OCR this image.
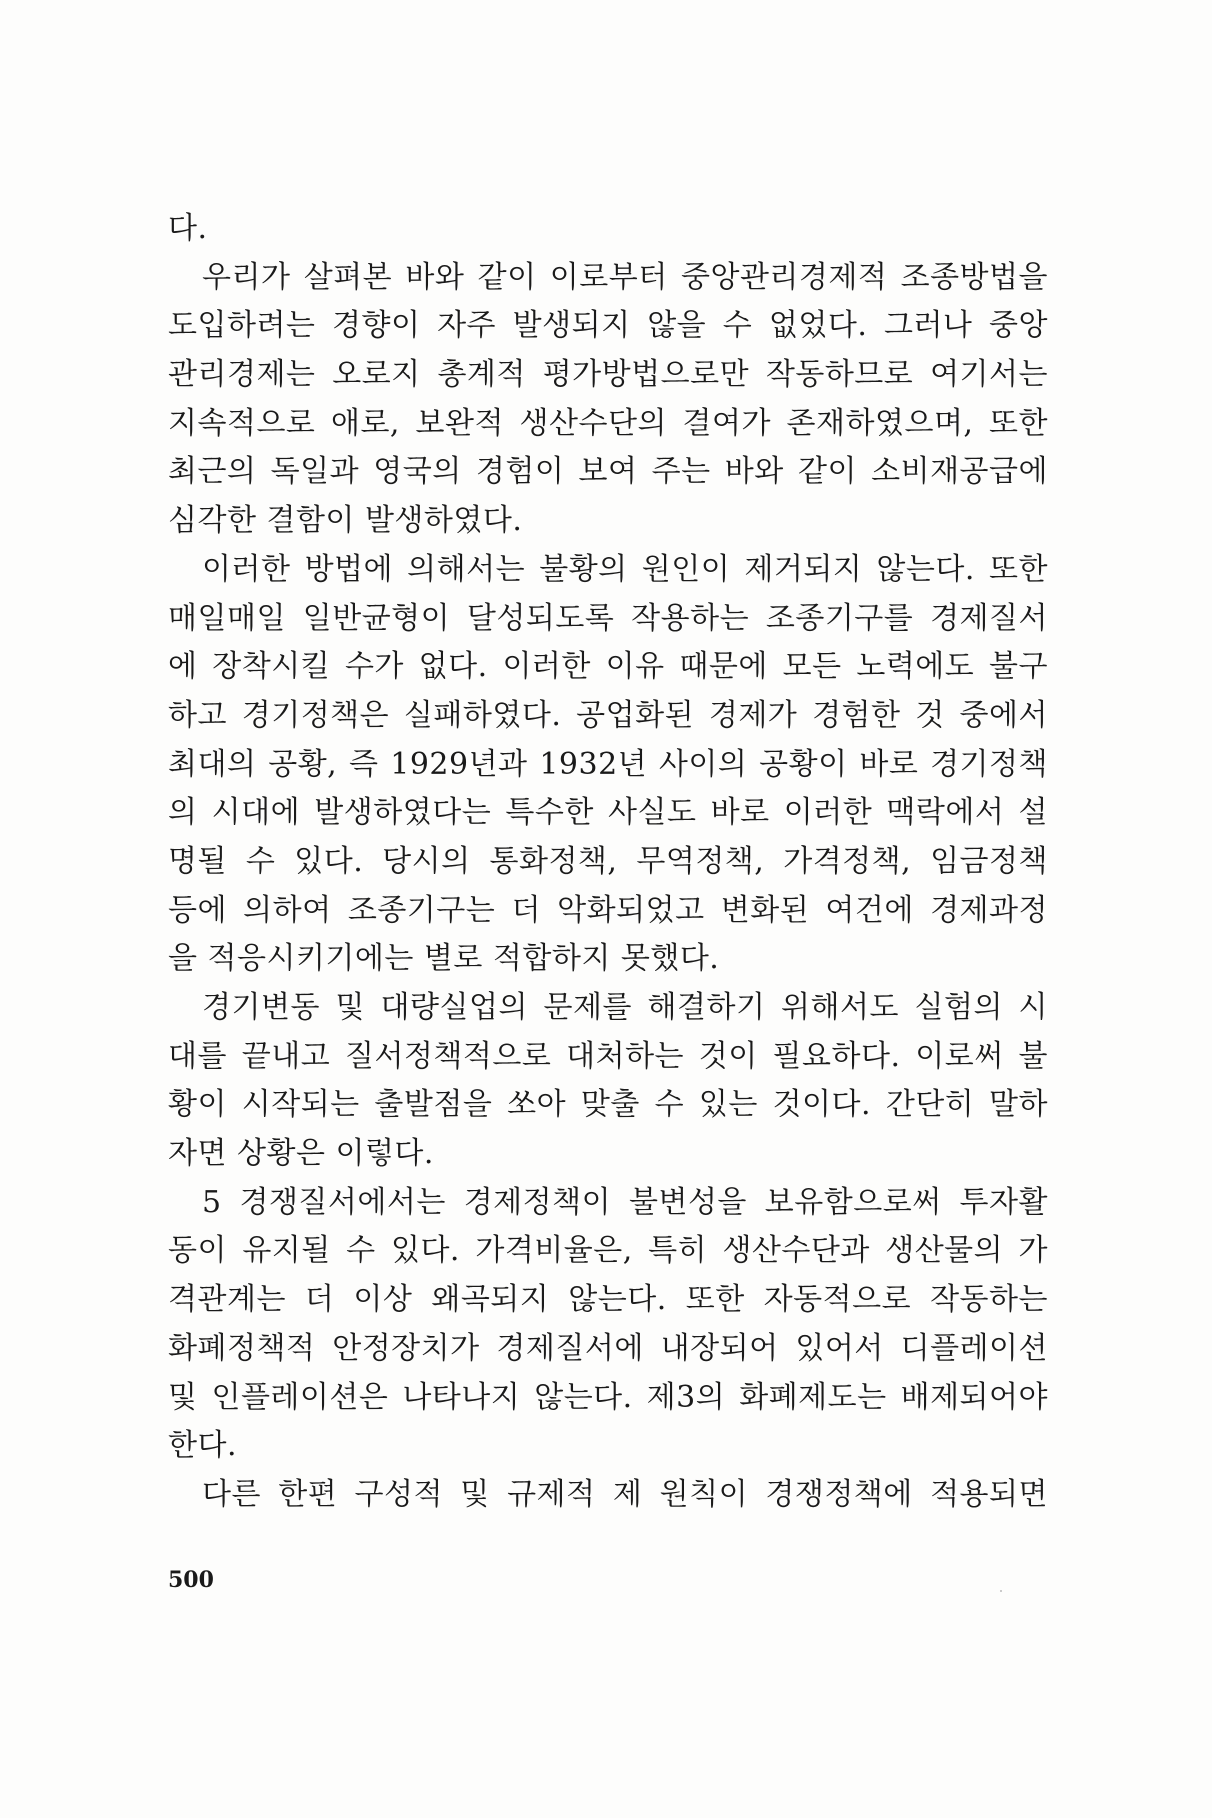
다.
우리가 살펴본 바와 같이 이로부터 중앙관리경제적 조종방법을
도입하려는 경향이 자주 발생되지 않을 수 없었다. 그러나 중앙
관리경제는 오로지 총계적 평가방법으로만 작동하므로 여기서는
지속적으로 애로, 보완적 생산수단의 결여가 존재하였으며, 또한
최근의 독일과 영국의 경험이 보여 주는 바와 같이 소비재공급에
심각한 결함이 발생하였다.
이러한 방법에 의해서는 불황의 원인이 제거되지 않는다. 또한
매일매일 일반균형이 달성되도록 작용하는 조종기구를 경제질서
에 장착시킬 수가 없다. 이러한 이유 때문에 모든 노력에도 불구
하고 경기정책은 실패하였다. 공업화된 경제가 경험한 것 중에서
최대의 공황, 즉 1929년과 1932년 사이의 공황이 바로 경기정책
의 시대에 발생하였다는 특수한 사실도 바로 이러한 맥락에서 설
명될 수 있다. 당시의 통화정책, 무역정책, 가격정책, 임금정책
등에 의하여 조종기구는 더 악화되었고 변화된 여건에 경제과정
을 적응시키기에는 별로 적합하지 못했다.
경기변동 및 대량실업의 문제를 해결하기 위해서도 실험의 시
대를 끝내고 질서정책적으로 대처하는 것이 필요하다. 이로써 불
황이 시작되는 출발점을 쏘아 맞출 수 있는 것이다. 간단히 말하
자면 상황은 이렇다.
5 경쟁질서에서는 경제정책이 불변성을 보유함으로써 투자활
동이 유지될 수 있다. 가격비율은, 특히 생산수단과 생산물의 가
격관계는 더 이상 왜곡되지 않는다. 또한 자동적으로 작동하는
화폐정책적 안정장치가 경제질서에 내장되어 있어서 디플레이션
및 인플레이션은 나타나지 않는다. 제3의 화폐제도는 배제되어야
한다.
다른 한편 구성적 및 규제적 제 원칙이 경쟁정책에 적용되면
500
